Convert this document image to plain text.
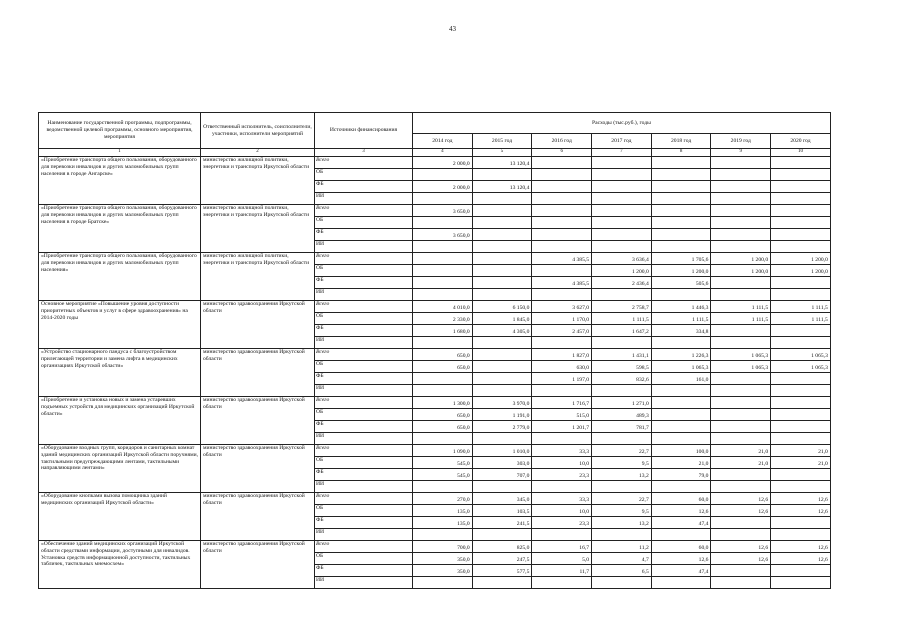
43
Наименование государственной программы, подпрограммы, ведомственной целевой программы, основного мероприятия, мероприятия	Ответственный исполнитель, соисполнители, участники, исполнители мероприятий	Источники финансирования	Расходы (тыс.руб.), годы						
			2014 год	2015 год	2016 год	2017 год	2018 год	2019 год	2020 год
1	2	3	4	5	6	7	8	9	10
«Приобретение транспорта общего пользования, оборудованного для перевозки инвалидов и других маломобильных групп населения в городе Ангарске»	министерство жилищной политики, энергетики и транспорта Иркутской области	Всего	2 000,0	13 120,4					
		ОБ							
		ФБ	2 000,0	13 120,4					
		ИИ							
«Приобретение транспорта общего пользования, оборудованного для перевозки инвалидов и других маломобильных групп населения в городе Братске»	министерство жилищной политики, энергетики и транспорта Иркутской области	Всего	3 650,0						
		ОБ							
		ФБ	3 650,0						
		ИИ							
«Приобретение транспорта общего пользования, оборудованного для перевозки инвалидов и других маломобильных групп населения»	министерство жилищной политики, энергетики и транспорта Иркутской области	Всего			4 385,5	3 636,4	1 705,6	1 200,0	1 200,0
		ОБ				1 200,0	1 200,0	1 200,0	1 200,0
		ФБ			4 385,5	2 436,4	505,6		
		ИИ							
Основное мероприятие «Повышение уровня доступности приоритетных объектов и услуг в сфере здравоохранения» на 2014-2020 годы	министерство здравоохранения Иркутской области	Всего	4 010,0	6 150,0	3 627,0	2 758,7	1 446,3	1 111,5	1 111,5
		ОБ	2 330,0	1 845,0	1 170,0	1 111,5	1 111,5	1 111,5	1 111,5
		ФБ	1 680,0	4 305,0	2 457,0	1 647,2	334,8		
		ИИ							
«Устройство стационарного пандуса с благоустройством прилегающей территории и замена лифта в медицинских организациях Иркутской области»	министерство здравоохранения Иркутской области	Всего	650,0		1 827,0	1 431,1	1 226,3	1 065,3	1 065,3
		ОБ	650,0		630,0	598,5	1 065,3	1 065,3	1 065,3
		ФБ			1 197,0	832,6	161,0		
		ИИ							
«Приобретение и установка новых и замена устаревших подъемных устройств для медицинских организаций Иркутской области»	министерство здравоохранения Иркутской области	Всего	1 300,0	3 970,0	1 716,7	1 271,0			
		ОБ	650,0	1 191,0	515,0	489,3			
		ФБ	650,0	2 779,0	1 201,7	781,7			
		ИИ							
«Оборудование входных групп, коридоров и санитарных комнат зданий медицинских организаций Иркутской области поручнями, тактильными предупреждающими лентами, тактильными направляющими лентами»	министерство здравоохранения Иркутской области	Всего	1 090,0	1 010,0	33,3	22,7	100,0	21,0	21,0
		ОБ	545,0	303,0	10,0	9,5	21,0	21,0	21,0
		ФБ	545,0	707,0	23,3	13,2	79,0		
		ИИ							
«Оборудование кнопками вызова помощника зданий медицинских организаций Иркутской области»	министерство здравоохранения Иркутской области	Всего	270,0	345,0	33,3	22,7	60,0	12,6	12,6
		ОБ	135,0	103,5	10,0	9,5	12,6	12,6	12,6
		ФБ	135,0	241,5	23,3	13,2	47,4		
		ИИ							
«Обеспечение зданий медицинских организаций Иркутской области средствами информации, доступными для инвалидов. Установка средств информационной доступности, тактильных табличек, тактильных мнемосхем»	министерство здравоохранения Иркутской области	Всего	700,0	825,0	16,7	11,2	60,0	12,6	12,6
		ОБ	350,0	247,5	5,0	4,7	12,6	12,6	12,6
		ФБ	350,0	577,5	11,7	6,5	47,4		
		ИИ							
